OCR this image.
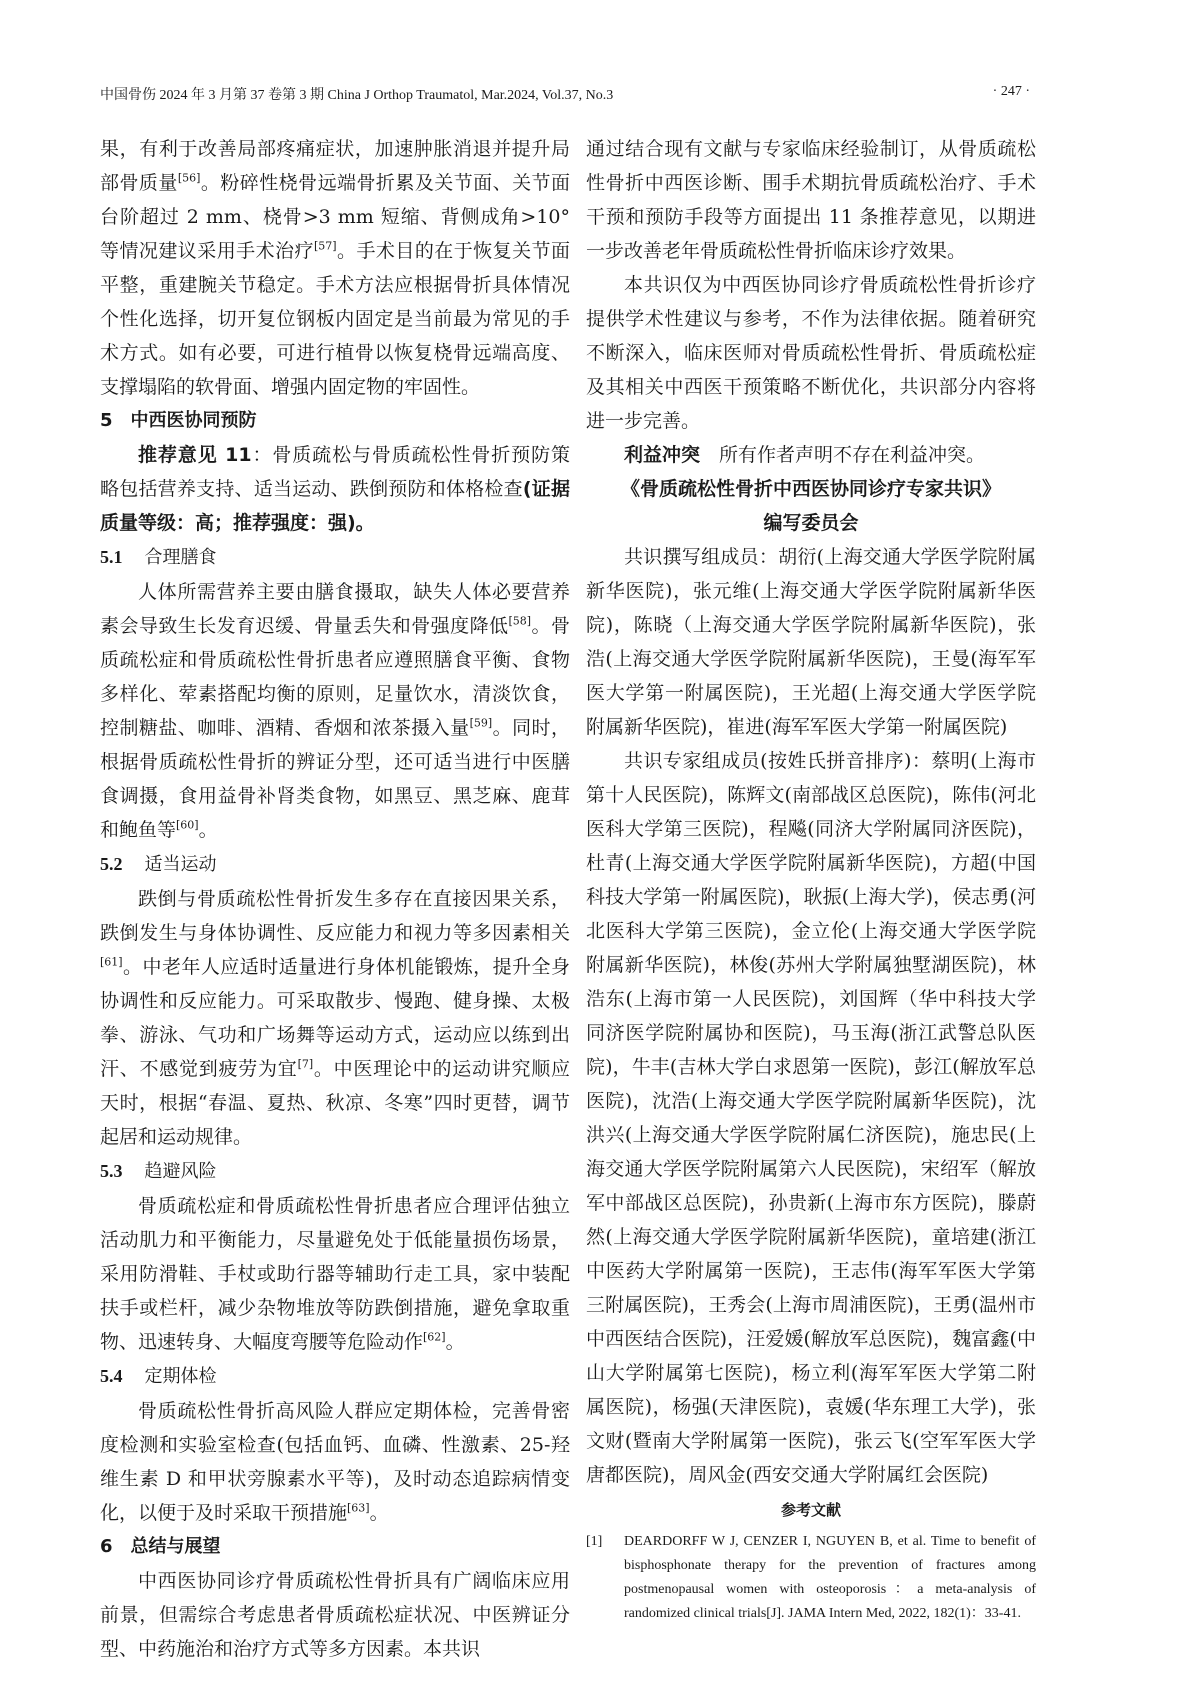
中国骨伤 2024 年 3 月第 37 卷第 3 期 China J Orthop Traumatol, Mar.2024, Vol.37, No.3	· 247 ·

果，有利于改善局部疼痛症状，加速肿胀消退并提升局部骨质量[56]。粉碎性桡骨远端骨折累及关节面、关节面台阶超过 2 mm、桡骨>3 mm 短缩、背侧成角>10°等情况建议采用手术治疗[57]。手术目的在于恢复关节面平整，重建腕关节稳定。手术方法应根据骨折具体情况个性化选择，切开复位钢板内固定是当前最为常见的手术方式。如有必要，可进行植骨以恢复桡骨远端高度、支撑塌陷的软骨面、增强内固定物的牢固性。

5　中西医协同预防

推荐意见 11：骨质疏松与骨质疏松性骨折预防策略包括营养支持、适当运动、跌倒预防和体格检查(证据质量等级：高；推荐强度：强)。

5.1 合理膳食

人体所需营养主要由膳食摄取，缺失人体必要营养素会导致生长发育迟缓、骨量丢失和骨强度降低[58]。骨质疏松症和骨质疏松性骨折患者应遵照膳食平衡、食物多样化、荤素搭配均衡的原则，足量饮水，清淡饮食，控制糖盐、咖啡、酒精、香烟和浓茶摄入量[59]。同时，根据骨质疏松性骨折的辨证分型，还可适当进行中医膳食调摄，食用益骨补肾类食物，如黑豆、黑芝麻、鹿茸和鲍鱼等[60]。

5.2 适当运动

跌倒与骨质疏松性骨折发生多存在直接因果关系，跌倒发生与身体协调性、反应能力和视力等多因素相关[61]。中老年人应适时适量进行身体机能锻炼，提升全身协调性和反应能力。可采取散步、慢跑、健身操、太极拳、游泳、气功和广场舞等运动方式，运动应以练到出汗、不感觉到疲劳为宜[7]。中医理论中的运动讲究顺应天时，根据“春温、夏热、秋凉、冬寒”四时更替，调节起居和运动规律。

5.3 趋避风险

骨质疏松症和骨质疏松性骨折患者应合理评估独立活动肌力和平衡能力，尽量避免处于低能量损伤场景，采用防滑鞋、手杖或助行器等辅助行走工具，家中装配扶手或栏杆，减少杂物堆放等防跌倒措施，避免拿取重物、迅速转身、大幅度弯腰等危险动作[62]。

5.4 定期体检

骨质疏松性骨折高风险人群应定期体检，完善骨密度检测和实验室检查(包括血钙、血磷、性激素、25-羟维生素 D 和甲状旁腺素水平等)，及时动态追踪病情变化，以便于及时采取干预措施[63]。

6　总结与展望

中西医协同诊疗骨质疏松性骨折具有广阔临床应用前景，但需综合考虑患者骨质疏松症状况、中医辨证分型、中药施治和治疗方式等多方因素。本共识

通过结合现有文献与专家临床经验制订，从骨质疏松性骨折中西医诊断、围手术期抗骨质疏松治疗、手术干预和预防手段等方面提出 11 条推荐意见，以期进一步改善老年骨质疏松性骨折临床诊疗效果。

本共识仅为中西医协同诊疗骨质疏松性骨折诊疗提供学术性建议与参考，不作为法律依据。随着研究不断深入，临床医师对骨质疏松性骨折、骨质疏松症及其相关中西医干预策略不断优化，共识部分内容将进一步完善。

利益冲突　 所有作者声明不存在利益冲突。

《骨质疏松性骨折中西医协同诊疗专家共识》

编写委员会

共识撰写组成员：胡衍(上海交通大学医学院附属新华医院)，张元维(上海交通大学医学院附属新华医院)，陈晓（上海交通大学医学院附属新华医院)，张浩(上海交通大学医学院附属新华医院)，王曼(海军军医大学第一附属医院)，王光超(上海交通大学医学院附属新华医院)，崔进(海军军医大学第一附属医院)

共识专家组成员(按姓氏拼音排序)：蔡明(上海市第十人民医院)，陈辉文(南部战区总医院)，陈伟(河北医科大学第三医院)，程飚(同济大学附属同济医院)，杜青(上海交通大学医学院附属新华医院)，方超(中国科技大学第一附属医院)，耿振(上海大学)，侯志勇(河北医科大学第三医院)，金立伦(上海交通大学医学院附属新华医院)，林俊(苏州大学附属独墅湖医院)，林浩东(上海市第一人民医院)，刘国辉（华中科技大学同济医学院附属协和医院)，马玉海(浙江武警总队医院)，牛丰(吉林大学白求恩第一医院)，彭江(解放军总医院)，沈浩(上海交通大学医学院附属新华医院)，沈洪兴(上海交通大学医学院附属仁济医院)，施忠民(上海交通大学医学院附属第六人民医院)，宋绍军（解放军中部战区总医院)，孙贵新(上海市东方医院)，滕蔚然(上海交通大学医学院附属新华医院)，童培建(浙江中医药大学附属第一医院)，王志伟(海军军医大学第三附属医院)，王秀会(上海市周浦医院)，王勇(温州市中西医结合医院)，汪爱媛(解放军总医院)，魏富鑫(中山大学附属第七医院)，杨立利(海军军医大学第二附属医院)，杨强(天津医院)，袁媛(华东理工大学)，张文财(暨南大学附属第一医院)，张云飞(空军军医大学唐都医院)，周风金(西安交通大学附属红会医院)

参考文献
[1] DEARDORFF W J, CENZER I, NGUYEN B, et al. Time to benefit of bisphosphonate therapy for the prevention of fractures among postmenopausal women with osteoporosis：a meta-analysis of randomized clinical trials[J]. JAMA Intern Med, 2022, 182(1)：33-41.
